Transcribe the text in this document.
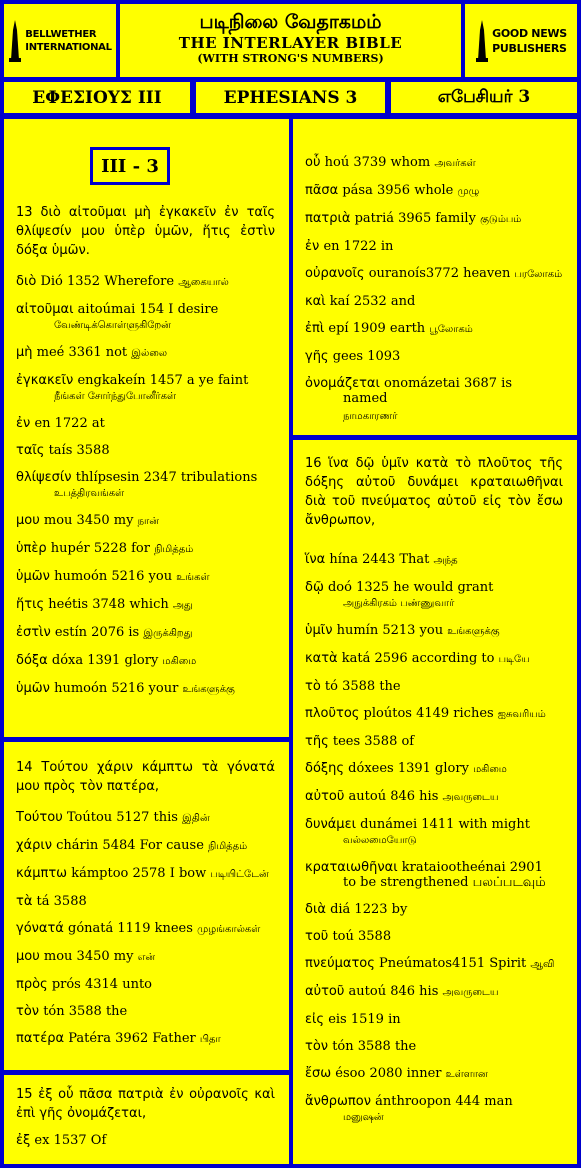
BELLWETHER
INTERNATIONAL
படிநிலை வேதாகமம்
THE INTERLAYER BIBLE
(WITH STRONG'S NUMBERS)
GOOD NEWS
PUBLISHERS
ΕΦΕΣΙΟΥΣ III	EPHESIANS 3	எபேசியர் 3
III - 3
13 διὸ αἰτοῦμαι μὴ ἐγκακεῖν ἐν ταῖς θλίψεσίν μου ὑπὲρ ὑμῶν, ἥτις ἐστὶν δόξα ὑμῶν.
διὸ Dió 1352 Wherefore ஆகையால்
αἰτοῦμαι aitoúmai 154 I desire
வேண்டிக்கொள்ளுகிறேன்
μὴ meé 3361 not இல்லை
ἐγκακεῖν engkakeín 1457 a ye faint
நீங்கள் சோர்ந்துபோனீர்கள்
ἐν en 1722 at
ταῖς taís 3588
θλίψεσίν thlípsesin 2347 tribulations
உபத்திரவங்கள்
μου mou 3450 my நான்
ὑπὲρ hupér 5228 for நிமித்தம்
ὑμῶν humoón 5216 you உங்கள்
ἥτις heétis 3748 which அது
ἐστὶν estín 2076 is இருக்கிறது
δόξα dóxa 1391 glory மகிமை
ὑμῶν humoón 5216 your உங்களுக்கு
14 Τούτου χάριν κάμπτω τὰ γόνατά μου πρὸς τὸν πατέρα,
Τούτου Toútou 5127 this இதின்
χάριν chárin 5484 For cause நிமித்தம்
κάμπτω kámptoo 2578 I bow படியிட்டேன்
τὰ tá 3588
γόνατά gónatá 1119 knees முழங்கால்கள்
μου mou 3450 my என்
πρὸς prós 4314 unto
τὸν tón 3588 the
πατέρα Patéra 3962 Father பிதா
15 ἐξ οὗ πᾶσα πατριὰ ἐν οὐρανοῖς καὶ ἐπὶ γῆς ὀνομάζεται,
ἐξ ex 1537 Of
οὗ hoú 3739 whom அவர்கள்
πᾶσα pása 3956 whole முழு
πατριὰ patriá 3965 family குடும்பம்
ἐν en 1722 in
οὐρανοῖς ouranoís3772 heaven பரலோகம்
καὶ kaí 2532 and
ἐπὶ epí 1909 earth பூலோகம்
γῆς gees 1093
ὀνομάζεται onomázetai 3687 is
named
நாமகாரணர்
16 ἵνα δῷ ὑμῖν κατὰ τὸ πλοῦτος τῆς δόξης αὐτοῦ δυνάμει κραταιωθῆναι διὰ τοῦ πνεύματος αὐτοῦ εἰς τὸν ἔσω ἄνθρωπον,
ἵνα hína 2443 That அந்த
δῷ doó 1325 he would grant
அநுக்கிரகம் பண்ணுவார்
ὑμῖν humín 5213 you உங்களுக்கு
κατὰ katá 2596 according to படியே
τὸ tó 3588 the
πλοῦτος ploútos 4149 riches ஐசுவரியம்
τῆς tees 3588 of
δόξης dóxees 1391 glory மகிமை
αὐτοῦ autoú 846 his அவருடைய
δυνάμει dunámei 1411 with might
வல்லமையோடு
κραταιωθῆναι krataiootheénai 2901
to be strengthened பலப்படவும்
διὰ diá 1223 by
τοῦ toú 3588
πνεύματος Pneúmatos4151 Spirit ஆவி
αὐτοῦ autoú 846 his அவருடைய
εἰς eis 1519 in
τὸν tón 3588 the
ἔσω ésoo 2080 inner உள்ளான
ἄνθρωπον ánthroopon 444 man
மனுஷன்
